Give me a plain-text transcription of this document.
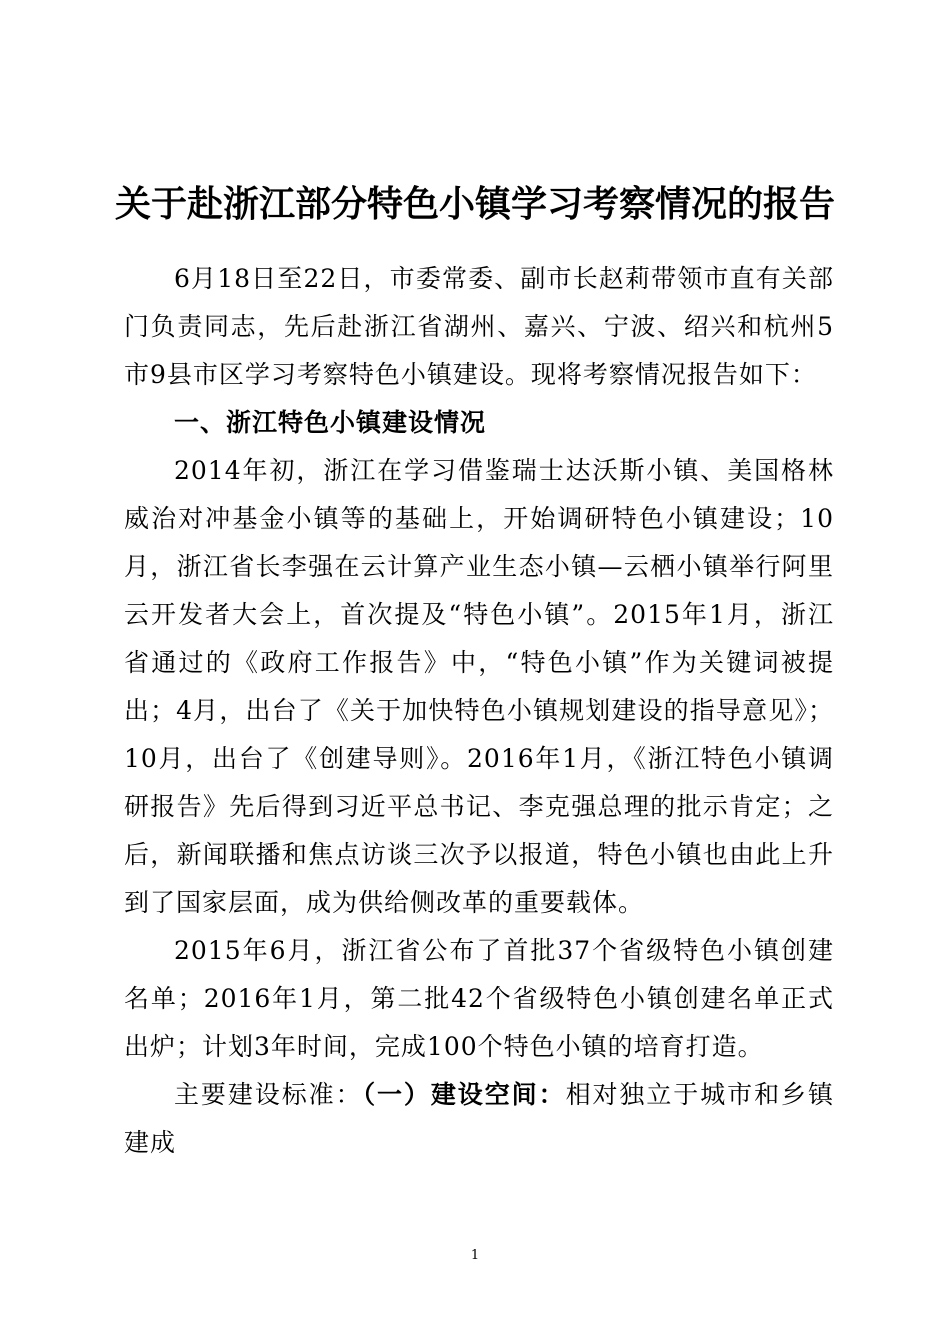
关于赴浙江部分特色小镇学习考察情况的报告

6月18日至22日，市委常委、副市长赵莉带领市直有关部门负责同志，先后赴浙江省湖州、嘉兴、宁波、绍兴和杭州5市9县市区学习考察特色小镇建设。现将考察情况报告如下：

一、浙江特色小镇建设情况

2014年初，浙江在学习借鉴瑞士达沃斯小镇、美国格林威治对冲基金小镇等的基础上，开始调研特色小镇建设；10月，浙江省长李强在云计算产业生态小镇—云栖小镇举行阿里云开发者大会上，首次提及“特色小镇”。2015年1月，浙江省通过的《政府工作报告》中，“特色小镇”作为关键词被提出；4月，出台了《关于加快特色小镇规划建设的指导意见》；10月，出台了《创建导则》。2016年1月，《浙江特色小镇调研报告》先后得到习近平总书记、李克强总理的批示肯定；之后，新闻联播和焦点访谈三次予以报道，特色小镇也由此上升到了国家层面，成为供给侧改革的重要载体。

2015年6月，浙江省公布了首批37个省级特色小镇创建名单；2016年1月，第二批42个省级特色小镇创建名单正式出炉；计划3年时间，完成100个特色小镇的培育打造。

主要建设标准：（一）建设空间：相对独立于城市和乡镇建成

1
